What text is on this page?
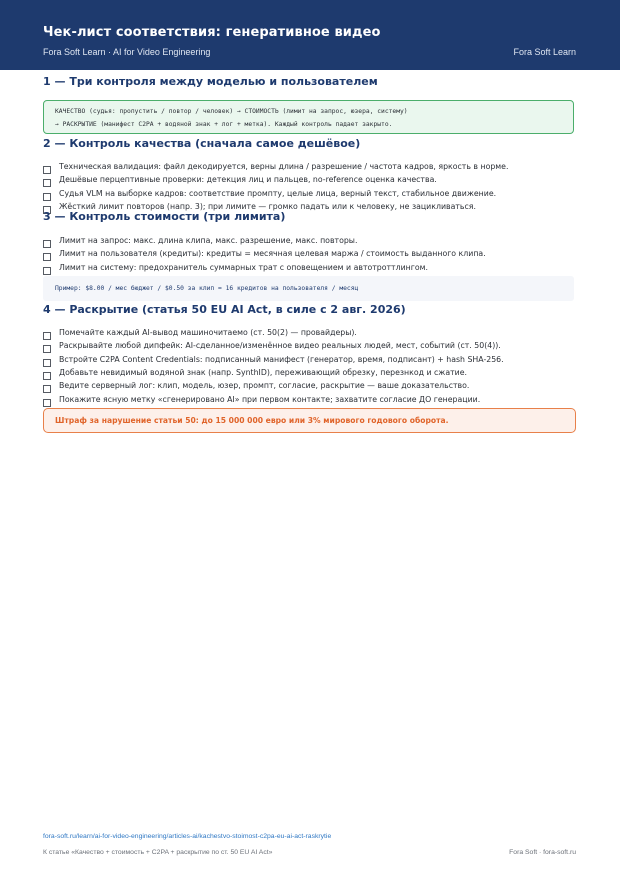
Чек-лист соответствия: генеративное видео
Fora Soft Learn · AI for Video Engineering	Fora Soft Learn
1 — Три контроля между моделью и пользователем
КАЧЕСТВО (судья: пропустить / повтор / человек) → СТОИМОСТЬ (лимит на запрос, юзера, систему)
→ РАСКРЫТИЕ (манифест C2PA + водяной знак + лог + метка). Каждый контроль падает закрыто.
2 — Контроль качества (сначала самое дешёвое)
Техническая валидация: файл декодируется, верны длина / разрешение / частота кадров, яркость в норме.
Дешёвые перцептивные проверки: детекция лиц и пальцев, no-reference оценка качества.
Судья VLM на выборке кадров: соответствие промпту, целые лица, верный текст, стабильное движение.
Жёсткий лимит повторов (напр. 3); при лимите — громко падать или к человеку, не зацикливаться.
3 — Контроль стоимости (три лимита)
Лимит на запрос: макс. длина клипа, макс. разрешение, макс. повторы.
Лимит на пользователя (кредиты): кредиты = месячная целевая маржа / стоимость выданного клипа.
Лимит на систему: предохранитель суммарных трат с оповещением и автотроттлингом.
Пример: $8.00 / мес бюджет / $0.50 за клип = 16 кредитов на пользователя / месяц
4 — Раскрытие (статья 50 EU AI Act, в силе с 2 авг. 2026)
Помечайте каждый AI-вывод машиночитаемо (ст. 50(2) — провайдеры).
Раскрывайте любой дипфейк: AI-сделанное/изменённое видео реальных людей, мест, событий (ст. 50(4)).
Встройте C2PA Content Credentials: подписанный манифест (генератор, время, подписант) + hash SHA-256.
Добавьте невидимый водяной знак (напр. SynthID), переживающий обрезку, перезнкод и сжатие.
Ведите серверный лог: клип, модель, юзер, промпт, согласие, раскрытие — ваше доказательство.
Покажите ясную метку «сгенерировано AI» при первом контакте; захватите согласие ДО генерации.
Штраф за нарушение статьи 50: до 15 000 000 евро или 3% мирового годового оборота.
fora-soft.ru/learn/ai-for-video-engineering/articles-ai/kachestvo-stoimost-c2pa-eu-ai-act-raskrytie
К статье «Качество + стоимость + C2PA + раскрытие по ст. 50 EU AI Act»	Fora Soft · fora-soft.ru
